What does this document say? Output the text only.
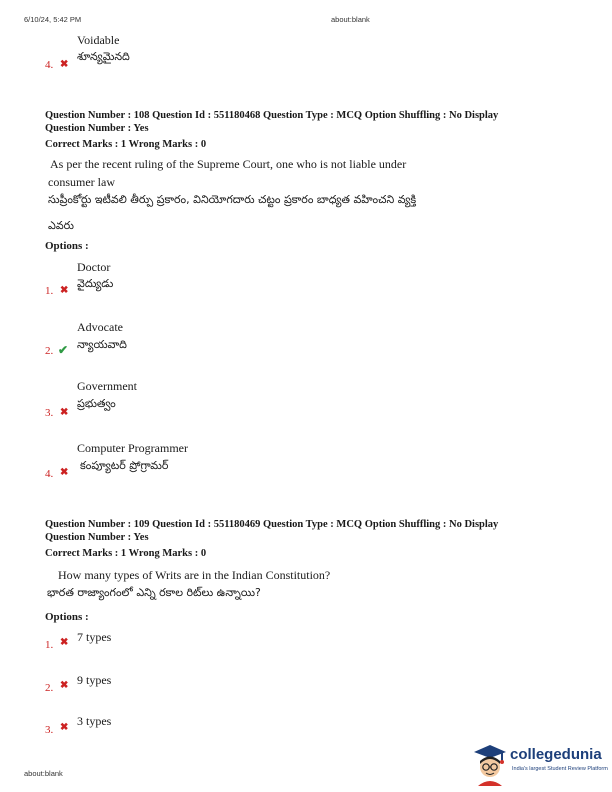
6/10/24, 5:42 PM	about:blank
about:blank
Voidable
శూన్యమైనది
4. ✖
Question Number : 108 Question Id : 551180468 Question Type : MCQ Option Shuffling : No Display
Question Number : Yes
Correct Marks : 1 Wrong Marks : 0
As per the recent ruling of the Supreme Court, one who is not liable under
consumer law
సుప్రీంకోర్టు ఇటీవలి తీర్పు ప్రకారం, వినియోగదారు చట్టం ప్రకారం బాధ్యత వహించని వ్యక్తి
ఎవరు
Options :
Doctor
వైద్యుడు
1. ✖
Advocate
న్యాయవాది
2. ✔
Government
ప్రభుత్వం
3. ✖
Computer Programmer
కంప్యూటర్ ప్రోగ్రామర్
4. ✖
Question Number : 109 Question Id : 551180469 Question Type : MCQ Option Shuffling : No Display
Question Number : Yes
Correct Marks : 1 Wrong Marks : 0
How many types of Writs are in the Indian Constitution?
భారత రాజ్యాంగంలో ఎన్ని రకాల రిట్‌లు ఉన్నాయి?
Options :
7 types
1. ✖
9 types
2. ✖
3 types
3. ✖
collegedunia
India's largest Student Review Platform
